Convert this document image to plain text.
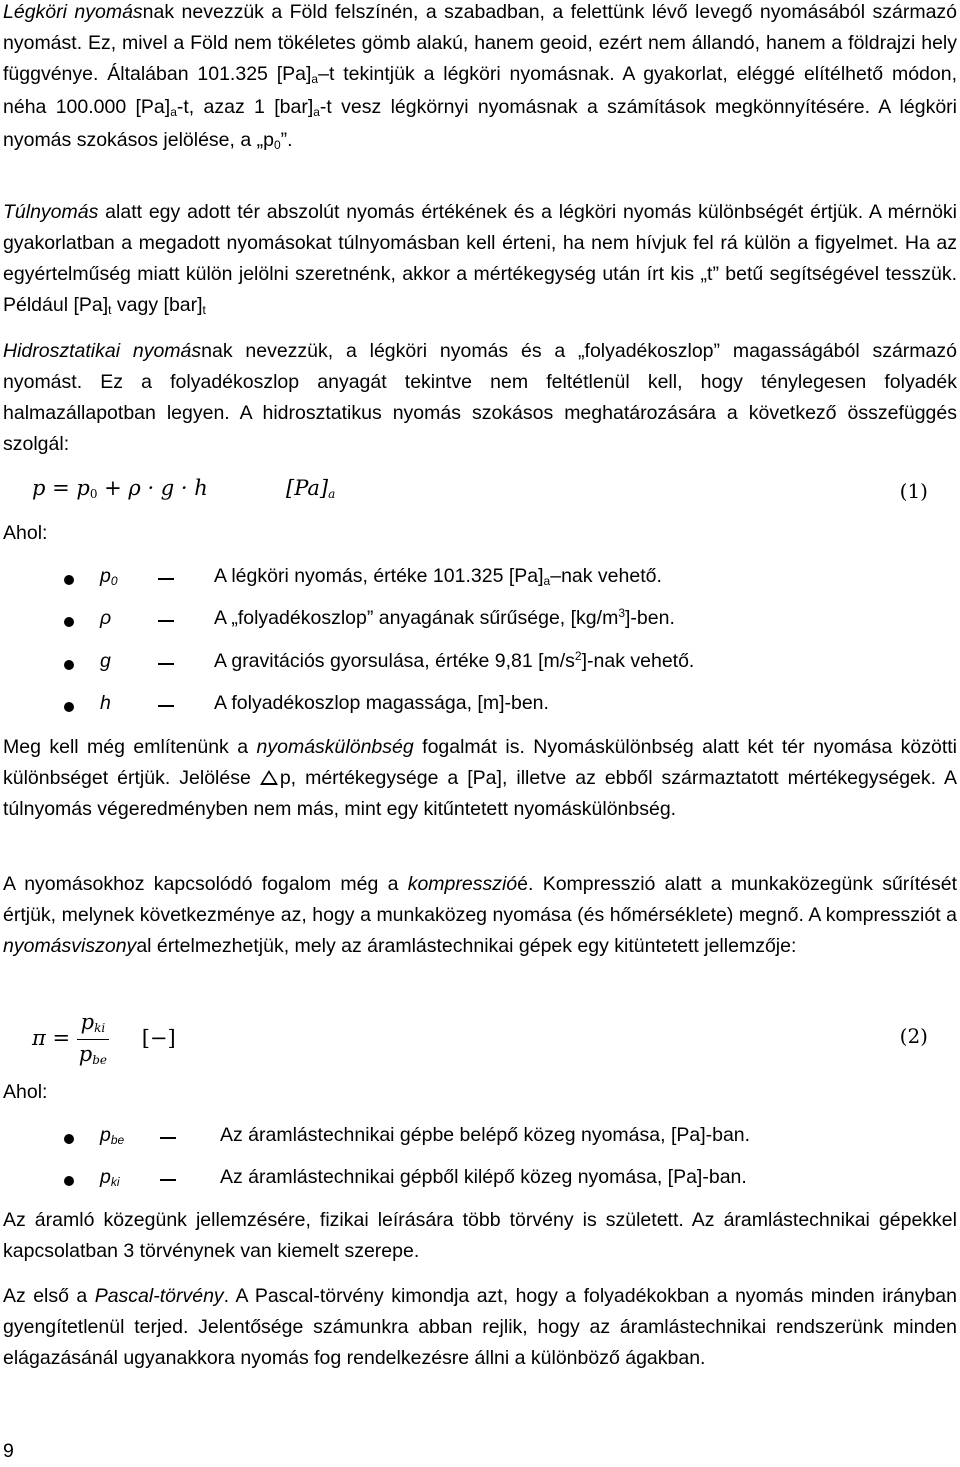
Légköri nyomásnak nevezzük a Föld felszínén, a szabadban, a felettünk lévő levegő nyomásából származó nyomást. Ez, mivel a Föld nem tökéletes gömb alakú, hanem geoid, ezért nem állandó, hanem a földrajzi hely függvénye. Általában 101.325 $[Pa]_a-t$ tekintjük a légköri nyomásnak. A gyakorlat, eléggé elítélhető módon, néha 100.000 $[Pa]_a-t$, azaz 1 $[bar]_a-t$ vesz légkörnyi nyomásnak a számítások megkönnyítésére. A légköri nyomás szokásos jelölése, a $„p_0$”.

Túlnyomás alatt egy adott tér abszolút nyomás értékének és a légköri nyomás különbségét értjük. A mérnöki gyakorlatban a megadott nyomásokat túlnyomásban kell érteni, ha nem hívjuk fel rá külön a figyelmet. Ha az egyértelműség miatt külön jelölni szeretnénk, akkor a mértékegység után írt kis „t” betű segítségével tesszük. Például $[Pa]_t$ vagy $[bar]_t$

Hidrosztatikai nyomásnak nevezzük, a légköri nyomás és a „folyadékoszlop” magasságából származó nyomást. Ez a folyadékoszlop anyagát tekintve nem feltétlenül kell, hogy ténylegesen folyadék halmazállapotban legyen. A hidrosztatikus nyomás szokásos meghatározására a következő összefüggés szolgál:

$p = p_0 + \rho \cdot g \cdot h$	$[Pa]_a$	(1)
Ahol:
$p_0$	A légköri nyomás, értéke 101.325 $[Pa]_a$–nak vehető.
ρ	A „folyadékoszlop” anyagának sűrűsége, $[kg/m^3]$-ben.
g	A gravitációs gyorsulása, értéke 9,81 $[m/s^2]$-nak vehető.
h	A folyadékoszlop magassága, [m]-ben.

Meg kell még említenünk a nyomáskülönbség fogalmát is. Nyomáskülönbség alatt két tér nyomása közötti különbséget értjük. Jelölése p, mértékegysége a [Pa], illetve az ebből származtatott mértékegységek. A túlnyomás végeredményben nem más, mint egy kitűntetett nyomáskülönbség.

A nyomásokhoz kapcsolódó fogalom még a kompresszióé. Kompresszió alatt a munkaközegünk sűrítését értjük, melynek következménye az, hogy a munkaközeg nyomása (és hőmérséklete) megnő. A kompressziót a nyomásviszonyal értelmezhetjük, mely az áramlástechnikai gépek egy kitüntetett jellemzője:

$\pi = \frac{p_{ki}}{p_{be}}$ [−]	(2)
Ahol:
$p_{be}$	Az áramlástechnikai gépbe belépő közeg nyomása, [Pa]-ban.
$p_{ki}$	Az áramlástechnikai gépből kilépő közeg nyomása, [Pa]-ban.

Az áramló közegünk jellemzésére, fizikai leírására több törvény is született. Az áramlástechnikai gépekkel kapcsolatban 3 törvénynek van kiemelt szerepe.

Az első a Pascal-törvény. A Pascal-törvény kimondja azt, hogy a folyadékokban a nyomás minden irányban gyengítetlenül terjed. Jelentősége számunkra abban rejlik, hogy az áramlástechnikai rendszerünk minden elágazásánál ugyanakkora nyomás fog rendelkezésre állni a különböző ágakban.

9
